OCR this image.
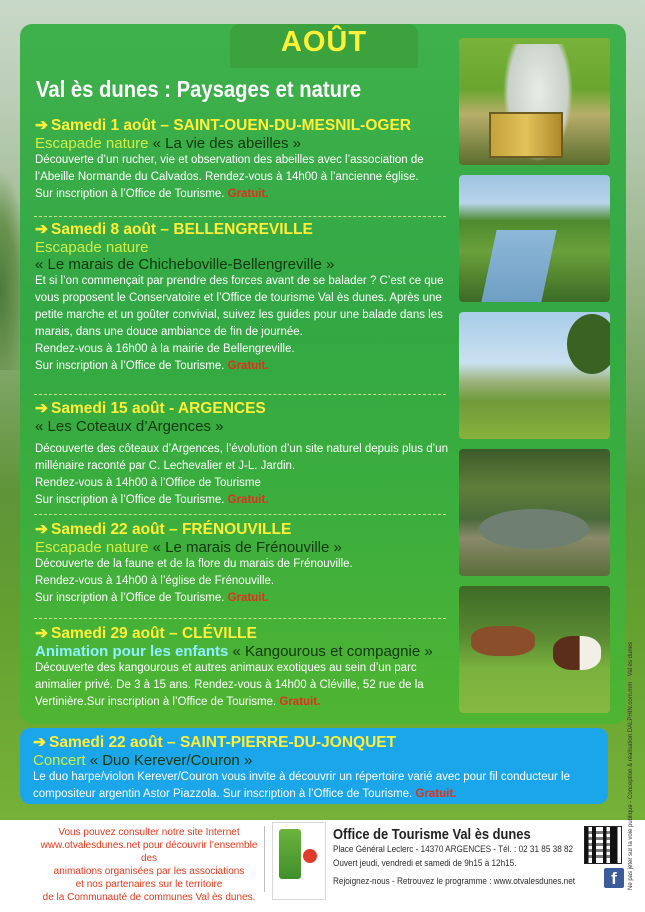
AOÛT
Val ès dunes : Paysages et nature
➔ Samedi 1 août – SAINT-OUEN-DU-MESNIL-OGER
Escapade nature « La vie des abeilles »

Découverte d’un rucher, vie et observation des abeilles avec l’association de l’Abeille Normande du Calvados. Rendez-vous à 14h00 à l’ancienne église.

Sur inscription à l’Office de Tourisme. Gratuit.

➔ Samedi 8 août – BELLENGREVILLE
Escapade nature
« Le marais de Chicheboville-Bellengreville »

Et si l’on commençait par prendre des forces avant de se balader ? C’est ce que vous proposent le Conservatoire et l’Office de tourisme Val ès dunes. Après une petite marche et un goûter convivial, suivez les guides pour une balade dans les marais, dans une douce ambiance de fin de journée.

Rendez-vous à 16h00 à la mairie de Bellengreville.

Sur inscription à l’Office de Tourisme. Gratuit.

➔ Samedi 15 août - ARGENCES
« Les Coteaux d’Argences »

Découverte des côteaux d’Argences, l’évolution d’un site naturel depuis plus d’un millénaire raconté par C. Lechevalier et J-L. Jardin.

Rendez-vous à 14h00 à l’Office de Tourisme

Sur inscription à l’Office de Tourisme. Gratuit.

➔ Samedi 22 août – FRÉNOUVILLE
Escapade nature « Le marais de Frénouville »

Découverte de la faune et de la flore du marais de Frénouville.

Rendez-vous à 14h00 à l’église de Frénouville.

Sur inscription à l’Office de Tourisme. Gratuit.

➔ Samedi 29 août – CLÉVILLE
Animation pour les enfants « Kangourous et compagnie »

Découverte des kangourous et autres animaux exotiques au sein d’un parc animalier privé. De 3 à 15 ans. Rendez-vous à 14h00 à Cléville, 52 rue de la Vertinière.Sur inscription à l’Office de Tourisme. Gratuit.

➔ Samedi 22 août – SAINT-PIERRE-DU-JONQUET
Concert « Duo Kerever/Couron »

Le duo harpe/violon Kerever/Couron vous invite à découvrir un répertoire varié avec pour fil conducteur le compositeur argentin Astor Piazzola. Sur inscription à l’Office de Tourisme. Gratuit.	Ne pas jeter sur la voie publique - Conception & réalisation DALPHIN.com.mm · Val ès dunes
Vous pouvez consulter notre site Internet
www.otvalesdunes.net pour découvrir l’ensemble des
animations organisées par les associations
et nos partenaires sur le territoire
de la Communauté de communes Val ès dunes.
Office de Tourisme Val ès dunes
Place Général Leclerc - 14370 ARGENCES - Tél. : 02 31 85 38 82
Ouvert jeudi, vendredi et samedi de 9h15 à 12h15.
Rejoignez-nous - Retrouvez le programme : www.otvalesdunes.net	f
